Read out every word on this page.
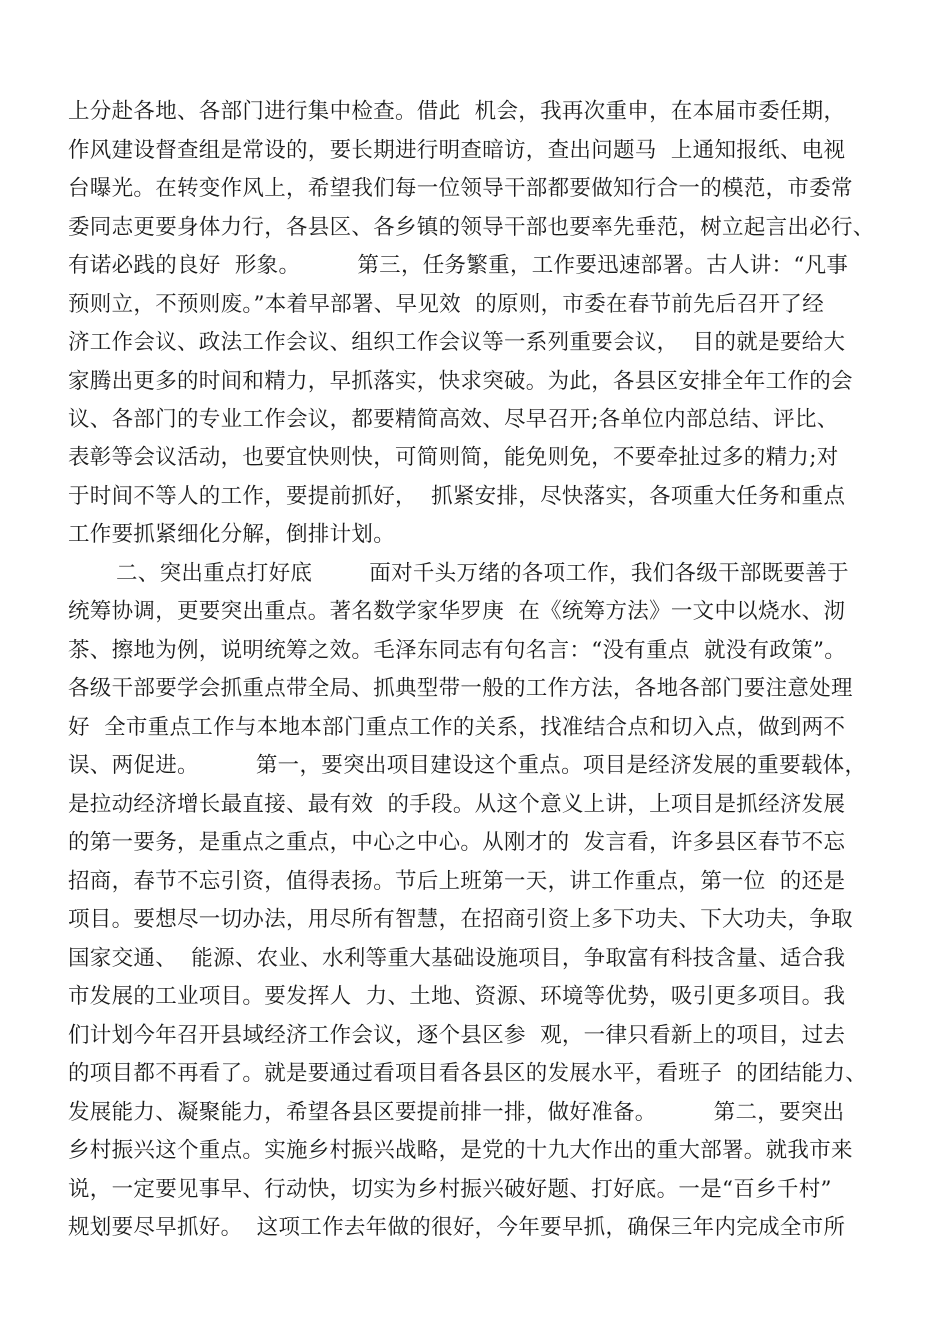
上分赴各地、各部门进行集中检查。借此  机会，我再次重申，在本届市委任期，

作风建设督查组是常设的，要长期进行明查暗访，查出问题马  上通知报纸、电视

台曝光。在转变作风上，希望我们每一位领导干部都要做知行合一的模范，市委常

委同志更要身体力行，各县区、各乡镇的领导干部也要率先垂范，树立起言出必行、

有诺必践的良好  形象。        第三，任务繁重，工作要迅速部署。古人讲：“凡事

预则立，不预则废。”本着早部署、早见效  的原则，市委在春节前先后召开了经

济工作会议、政法工作会议、组织工作会议等一系列重要会议，  目的就是要给大

家腾出更多的时间和精力，早抓落实，快求突破。为此，各县区安排全年工作的会

议、各部门的专业工作会议，都要精简高效、尽早召开;各单位内部总结、评比、

表彰等会议活动，也要宜快则快，可简则简，能免则免，不要牵扯过多的精力;对

于时间不等人的工作，要提前抓好，  抓紧安排，尽快落实，各项重大任务和重点

工作要抓紧细化分解，倒排计划。

二、突出重点打好底        面对千头万绪的各项工作，我们各级干部既要善于

统筹协调，更要突出重点。著名数学家华罗庚  在《统筹方法》一文中以烧水、沏

茶、擦地为例，说明统筹之效。毛泽东同志有句名言：“没有重点  就没有政策”。

各级干部要学会抓重点带全局、抓典型带一般的工作方法，各地各部门要注意处理

好  全市重点工作与本地本部门重点工作的关系，找准结合点和切入点，做到两不

误、两促进。        第一，要突出项目建设这个重点。项目是经济发展的重要载体，

是拉动经济增长最直接、最有效  的手段。从这个意义上讲，上项目是抓经济发展

的第一要务，是重点之重点，中心之中心。从刚才的  发言看，许多县区春节不忘

招商，春节不忘引资，值得表扬。节后上班第一天，讲工作重点，第一位  的还是

项目。要想尽一切办法，用尽所有智慧，在招商引资上多下功夫、下大功夫，争取

国家交通、  能源、农业、水利等重大基础设施项目，争取富有科技含量、适合我

市发展的工业项目。要发挥人  力、土地、资源、环境等优势，吸引更多项目。我

们计划今年召开县域经济工作会议，逐个县区参  观，一律只看新上的项目，过去

的项目都不再看了。就是要通过看项目看各县区的发展水平，看班子  的团结能力、

发展能力、凝聚能力，希望各县区要提前排一排，做好准备。        第二，要突出

乡村振兴这个重点。实施乡村振兴战略，是党的十九大作出的重大部署。就我市来

说，一定要见事早、行动快，切实为乡村振兴破好题、打好底。一是“百乡千村”

规划要尽早抓好。  这项工作去年做的很好，今年要早抓，确保三年内完成全市所
